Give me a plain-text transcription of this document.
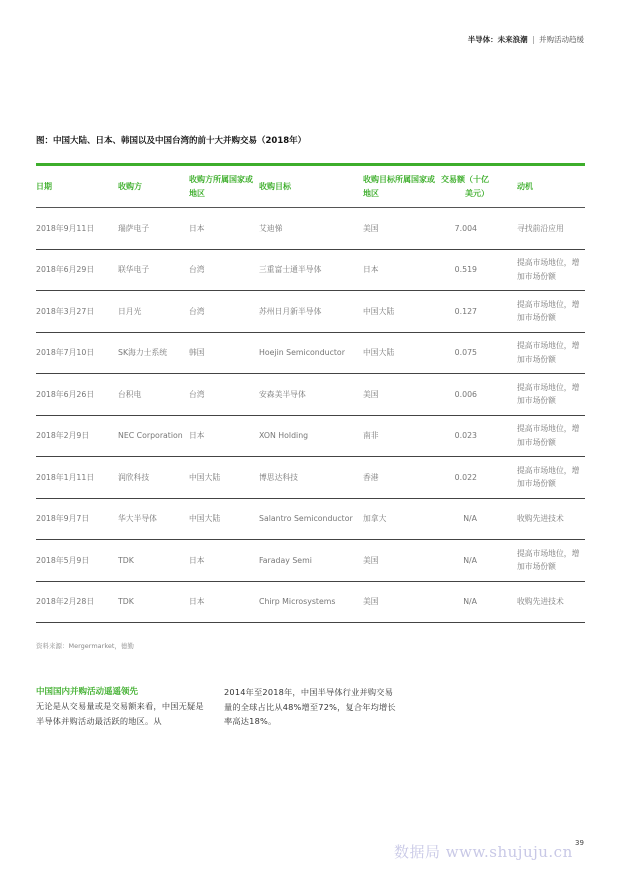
半导体：未来浪潮 | 并购活动趋缓
图：中国大陆、日本、韩国以及中国台湾的前十大并购交易（2018年）
日期	收购方	收购方所属国家或地区	收购目标	收购目标所属国家或地区	交易额（十亿美元）	动机
2018年9月11日	瑞萨电子	日本	艾迪悌	美国	7.004	寻找前沿应用
2018年6月29日	联华电子	台湾	三重富士通半导体	日本	0.519	提高市场地位，增加市场份额
2018年3月27日	日月光	台湾	苏州日月新半导体	中国大陆	0.127	提高市场地位，增加市场份额
2018年7月10日	SK海力士系统	韩国	Hoejin Semiconductor	中国大陆	0.075	提高市场地位，增加市场份额
2018年6月26日	台积电	台湾	安森美半导体	美国	0.006	提高市场地位，增加市场份额
2018年2月9日	NEC Corporation	日本	XON Holding	南非	0.023	提高市场地位，增加市场份额
2018年1月11日	润欣科技	中国大陆	博思达科技	香港	0.022	提高市场地位，增加市场份额
2018年9月7日	华大半导体	中国大陆	Salantro Semiconductor	加拿大	N/A	收购先进技术
2018年5月9日	TDK	日本	Faraday Semi	美国	N/A	提高市场地位，增加市场份额
2018年2月28日	TDK	日本	Chirp Microsystems	美国	N/A	收购先进技术
资料来源：Mergermarket，德勤
中国国内并购活动遥遥领先
无论是从交易量或是交易额来看，中国无疑是半导体并购活动最活跃的地区。从
2014年至2018年，中国半导体行业并购交易量的全球占比从48%增至72%，复合年均增长率高达18%。
数据局 www.shujuju.cn 39
